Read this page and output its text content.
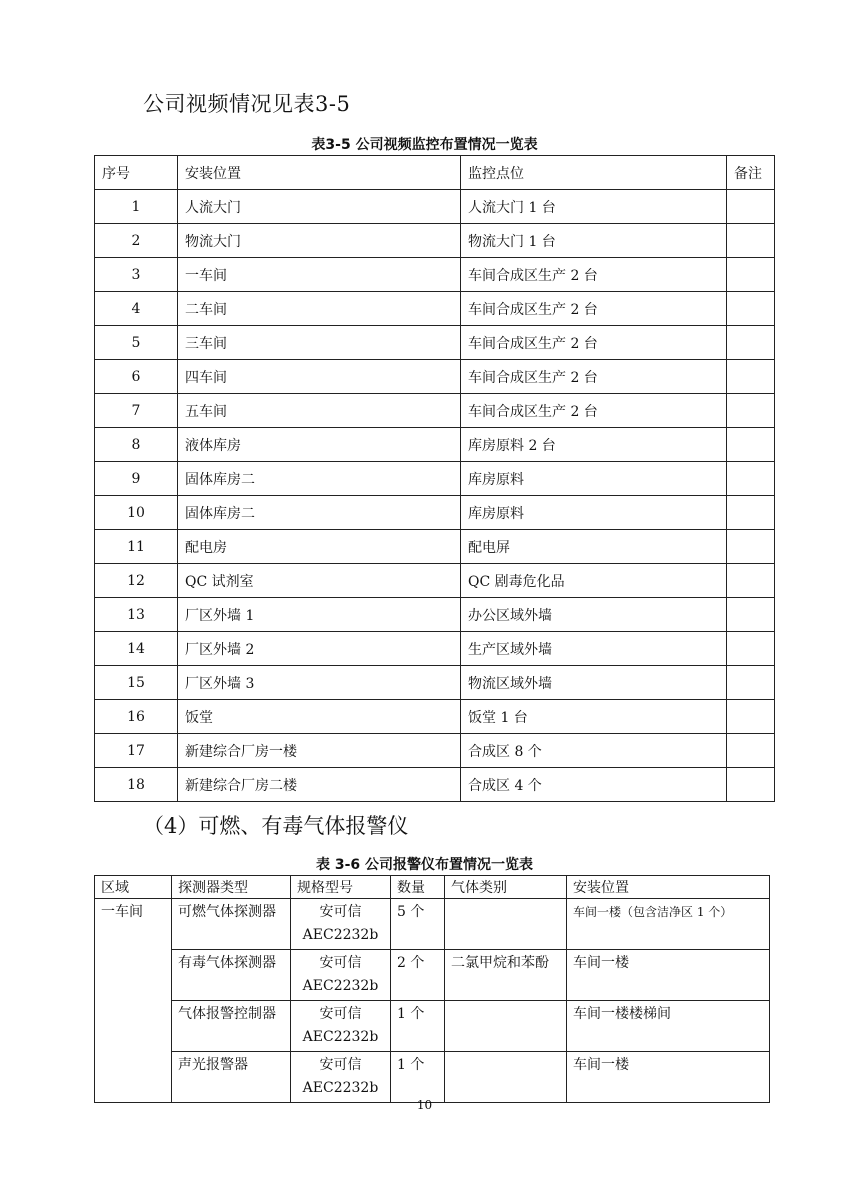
公司视频情况见表3-5
表3-5 公司视频监控布置情况一览表
序号	安装位置	监控点位	备注
1	人流大门	人流大门 1 台	
2	物流大门	物流大门 1 台	
3	一车间	车间合成区生产 2 台	
4	二车间	车间合成区生产 2 台	
5	三车间	车间合成区生产 2 台	
6	四车间	车间合成区生产 2 台	
7	五车间	车间合成区生产 2 台	
8	液体库房	库房原料 2 台	
9	固体库房二	库房原料	
10	固体库房二	库房原料	
11	配电房	配电屏	
12	QC 试剂室	QC 剧毒危化品	
13	厂区外墙 1	办公区域外墙	
14	厂区外墙 2	生产区域外墙	
15	厂区外墙 3	物流区域外墙	
16	饭堂	饭堂 1 台	
17	新建综合厂房一楼	合成区 8 个	
18	新建综合厂房二楼	合成区 4 个	
（4）可燃、有毒气体报警仪
表 3-6 公司报警仪布置情况一览表
区域	探测器类型	规格型号	数量	气体类别	安装位置
一车间	可燃气体探测器	安可信
AEC2232b	5 个		车间一楼（包含洁净区 1 个）
	有毒气体探测器	安可信
AEC2232b	2 个	二氯甲烷和苯酚	车间一楼
	气体报警控制器	安可信
AEC2232b	1 个		车间一楼楼梯间
	声光报警器	安可信
AEC2232b	1 个		车间一楼
10
